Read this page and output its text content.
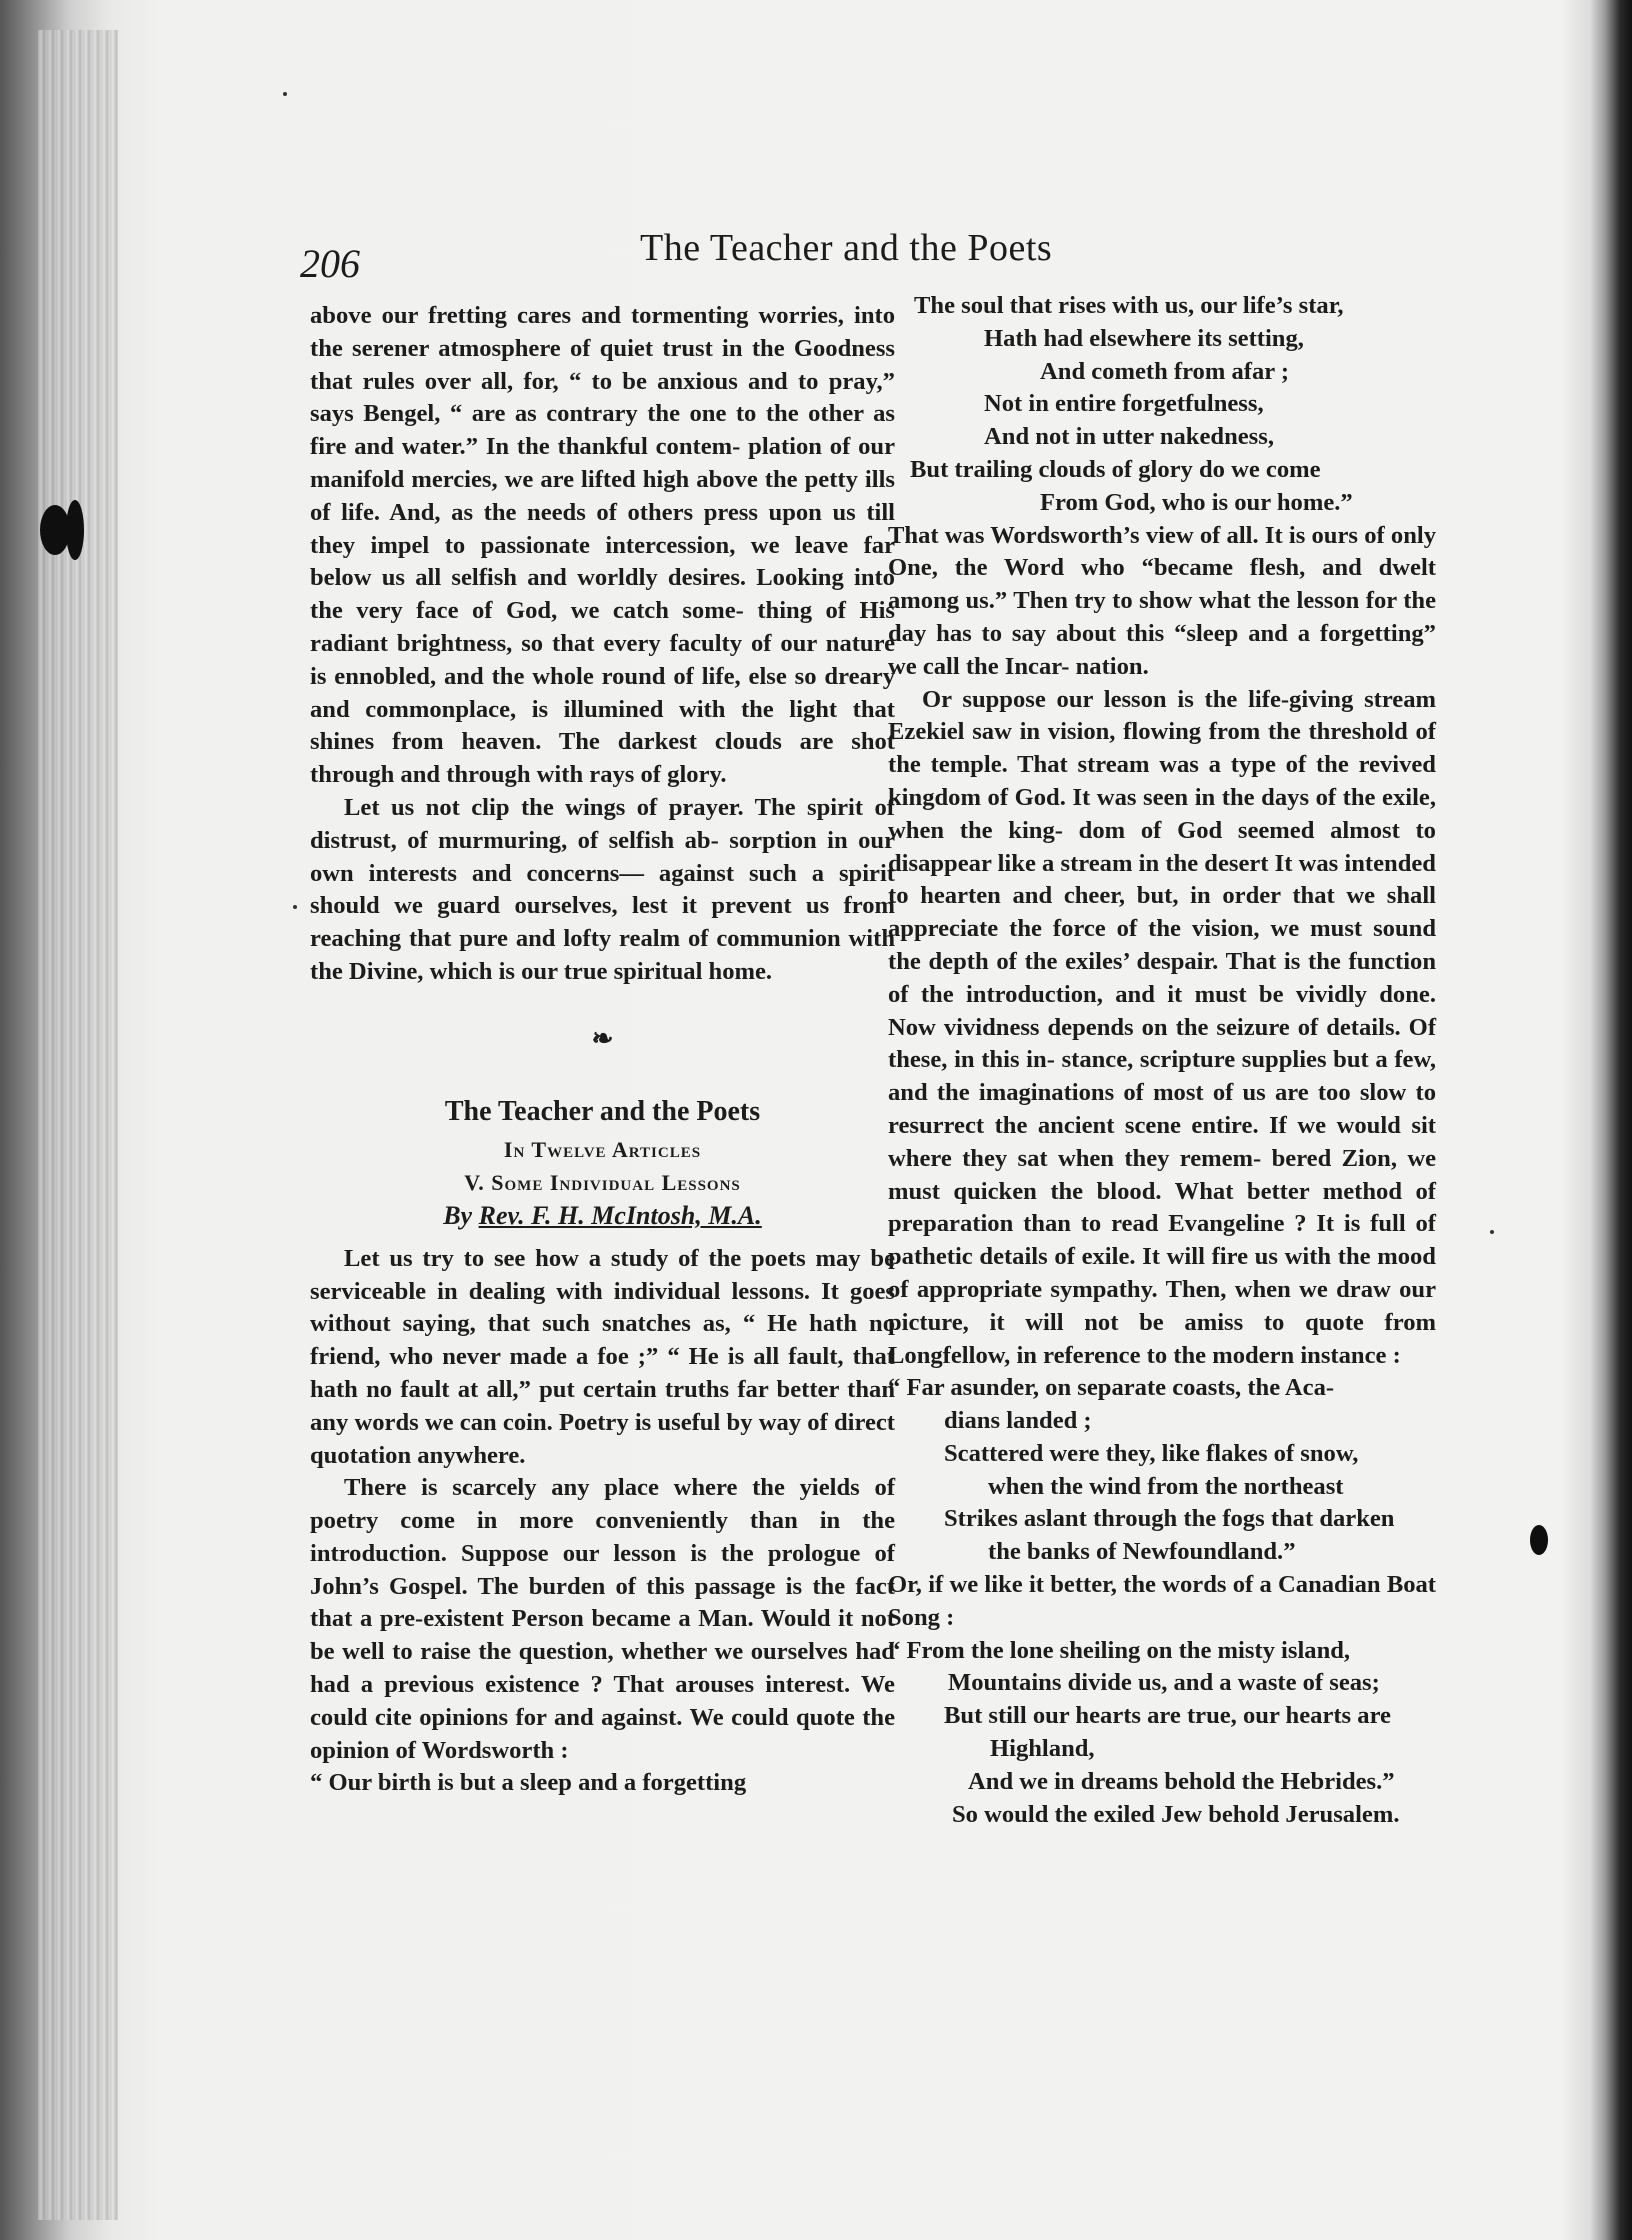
206	The Teacher and the Poets

above our fretting cares and tormenting worries, into the serener atmosphere of quiet trust in the Goodness that rules over all, for, “ to be anxious and to pray,” says Bengel, “ are as contrary the one to the other as fire and water.” In the thankful contem- plation of our manifold mercies, we are lifted high above the petty ills of life. And, as the needs of others press upon us till they impel to passionate intercession, we leave far below us all selfish and worldly desires. Looking into the very face of God, we catch some- thing of His radiant brightness, so that every faculty of our nature is ennobled, and the whole round of life, else so dreary and commonplace, is illumined with the light that shines from heaven. The darkest clouds are shot through and through with rays of glory.

Let us not clip the wings of prayer. The spirit of distrust, of murmuring, of selfish ab- sorption in our own interests and concerns— against such a spirit should we guard ourselves, lest it prevent us from reaching that pure and lofty realm of communion with the Divine, which is our true spiritual home.

❧
The Teacher and the Poets
In Twelve Articles
V. Some Individual Lessons
By Rev. F. H. McIntosh, M.A.

Let us try to see how a study of the poets may be serviceable in dealing with individual lessons. It goes without saying, that such snatches as, “ He hath no friend, who never made a foe ;” “ He is all fault, that hath no fault at all,” put certain truths far better than any words we can coin. Poetry is useful by way of direct quotation anywhere.

There is scarcely any place where the yields of poetry come in more conveniently than in the introduction. Suppose our lesson is the prologue of John’s Gospel. The burden of this passage is the fact that a pre-existent Person became a Man. Would it not be well to raise the question, whether we ourselves had had a previous existence ? That arouses interest. We could cite opinions for and against. We could quote the opinion of Wordsworth :

“ Our birth is but a sleep and a forgetting
The soul that rises with us, our life’s star,
Hath had elsewhere its setting,
And cometh from afar ;
Not in entire forgetfulness,
And not in utter nakedness,
But trailing clouds of glory do we come
From God, who is our home.”

That was Wordsworth’s view of all. It is ours of only One, the Word who “became flesh, and dwelt among us.” Then try to show what the lesson for the day has to say about this “sleep and a forgetting” we call the Incar- nation.

Or suppose our lesson is the life-giving stream Ezekiel saw in vision, flowing from the threshold of the temple. That stream was a type of the revived kingdom of God. It was seen in the days of the exile, when the king- dom of God seemed almost to disappear like a stream in the desert It was intended to hearten and cheer, but, in order that we shall appreciate the force of the vision, we must sound the depth of the exiles’ despair. That is the function of the introduction, and it must be vividly done. Now vividness depends on the seizure of details. Of these, in this in- stance, scripture supplies but a few, and the imaginations of most of us are too slow to resurrect the ancient scene entire. If we would sit where they sat when they remem- bered Zion, we must quicken the blood. What better method of preparation than to read Evangeline ? It is full of pathetic details of exile. It will fire us with the mood of appropriate sympathy. Then, when we draw our picture, it will not be amiss to quote from Longfellow, in reference to the modern instance :

“ Far asunder, on separate coasts, the Aca-
dians landed ;
Scattered were they, like flakes of snow,
when the wind from the northeast
Strikes aslant through the fogs that darken
the banks of Newfoundland.”

Or, if we like it better, the words of a Canadian Boat Song :

“ From the lone sheiling on the misty island,
Mountains divide us, and a waste of seas;
But still our hearts are true, our hearts are
Highland,
And we in dreams behold the Hebrides.”
So would the exiled Jew behold Jerusalem.
